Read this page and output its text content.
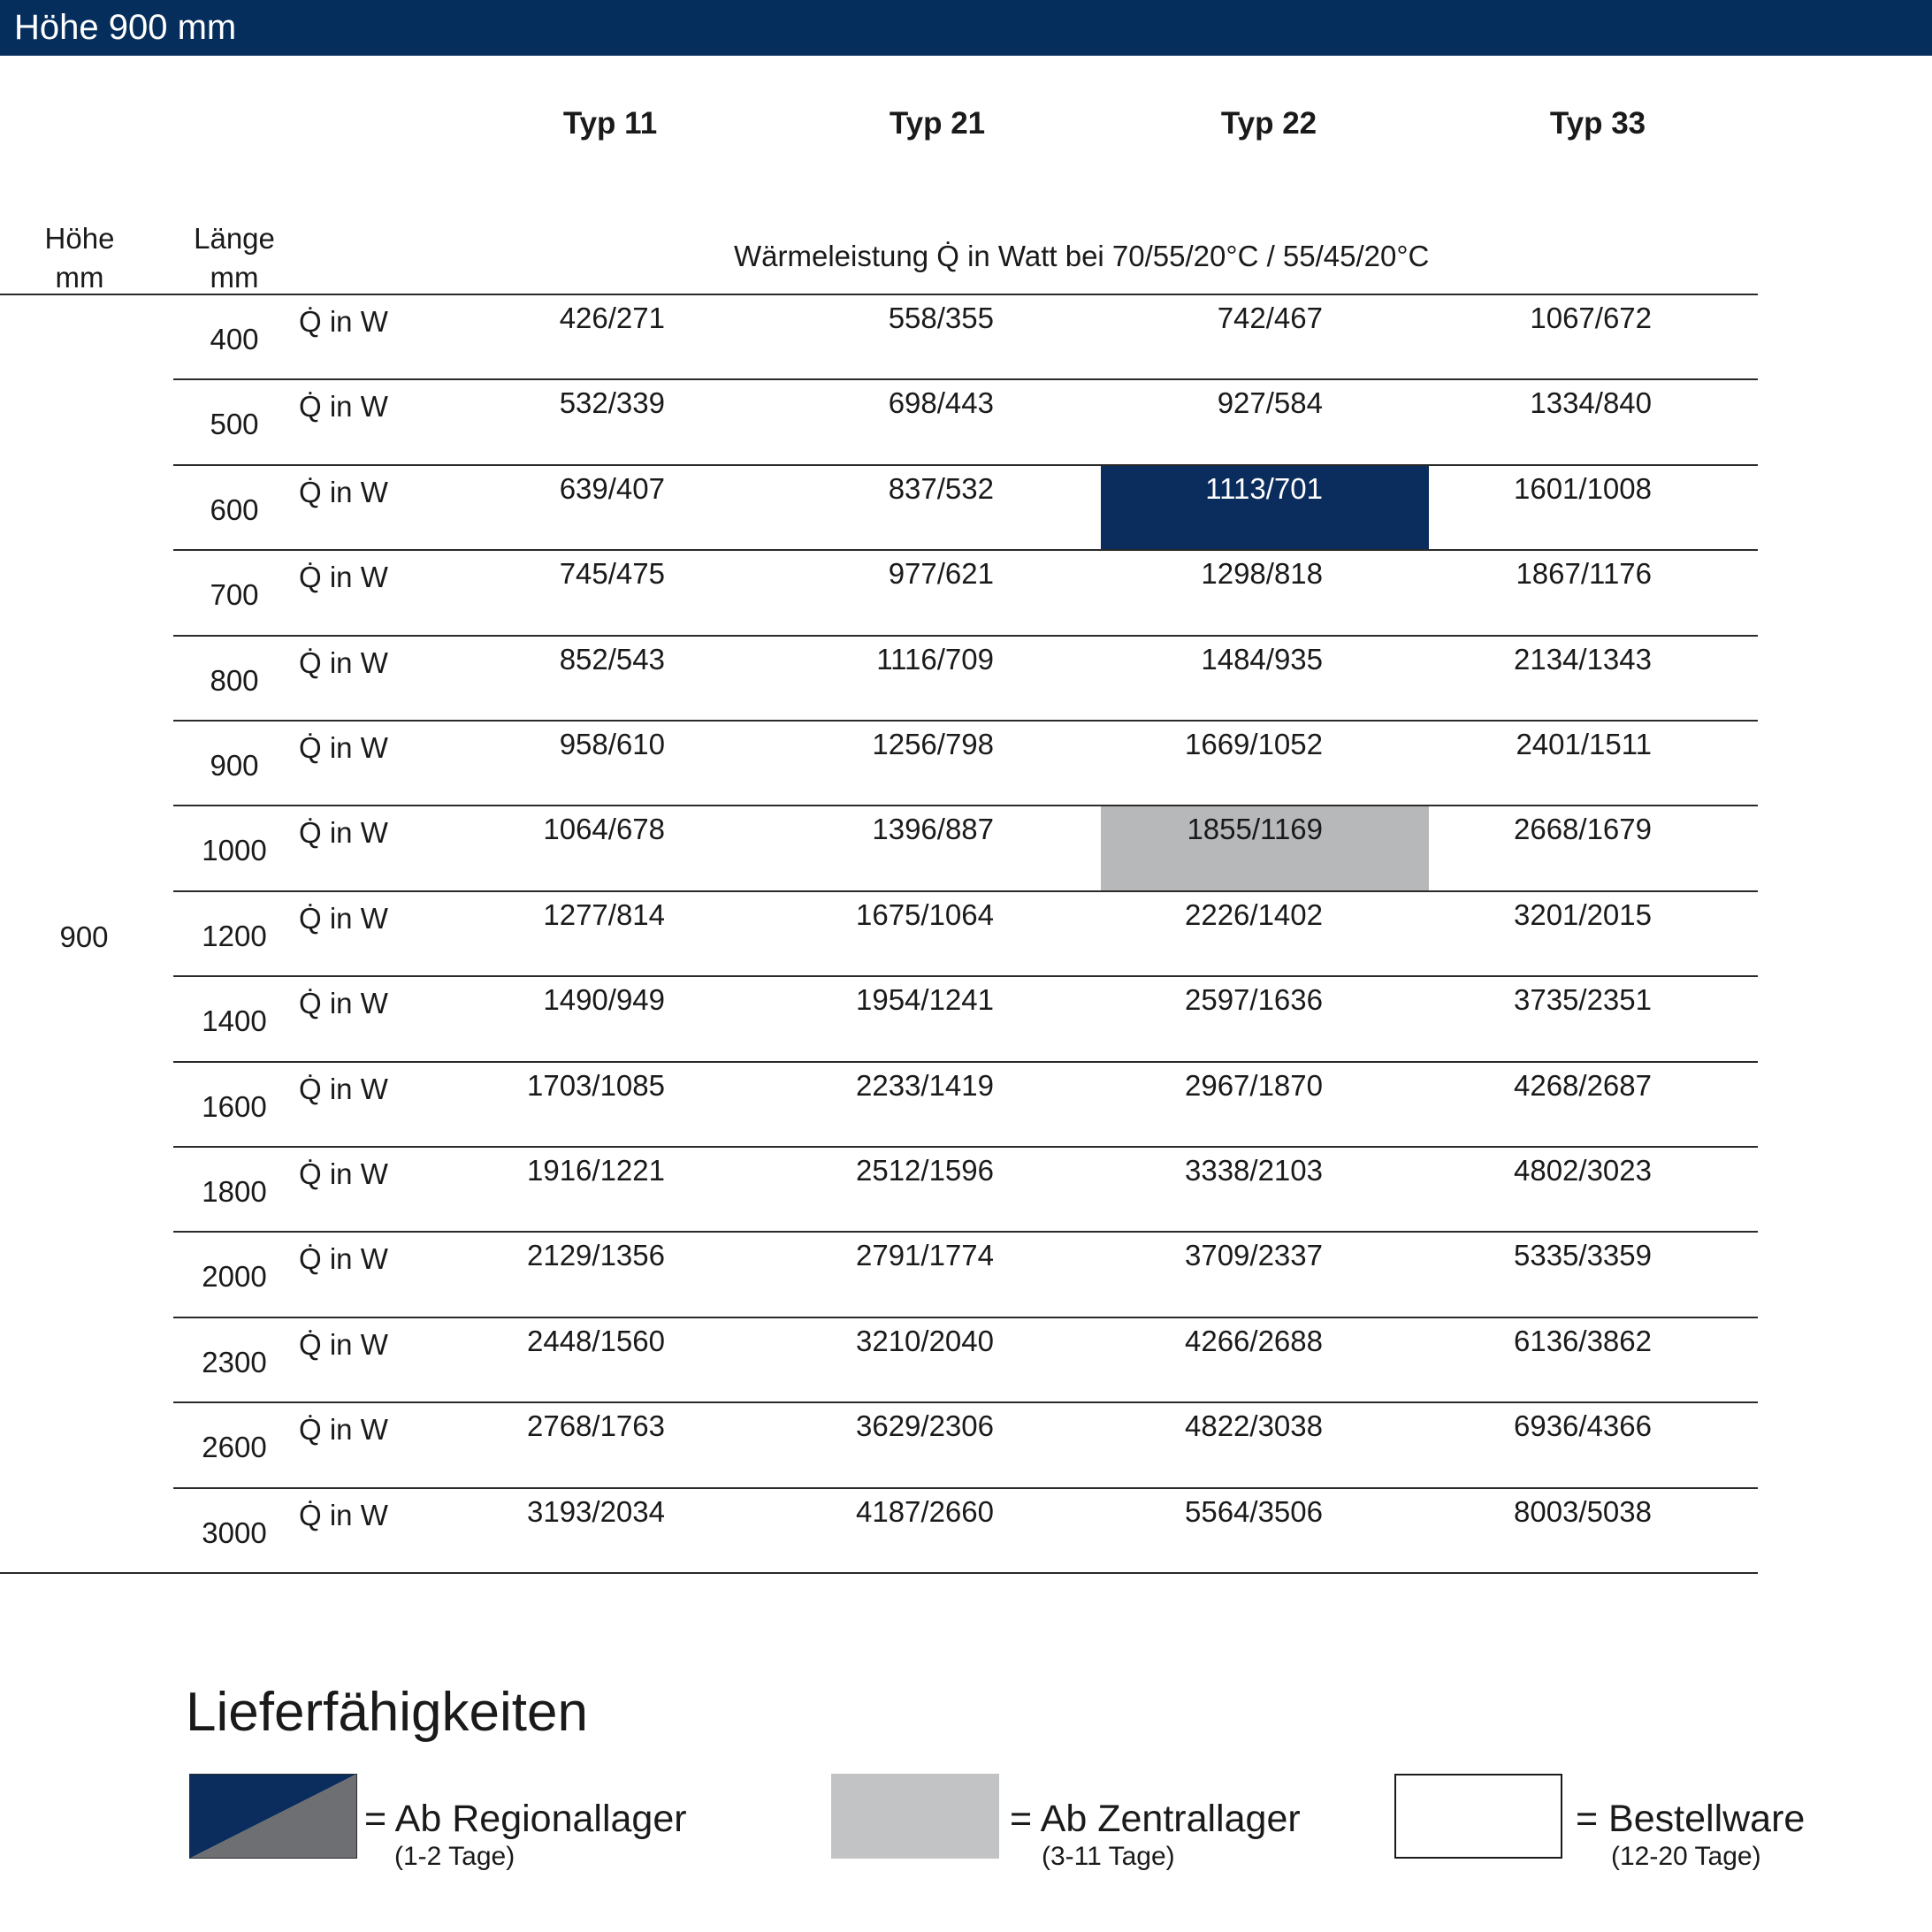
Höhe 900 mm
Typ 11	Typ 21	Typ 22	Typ 33
Höhe
mm
Länge
mm
Wärmeleistung Q̇ in Watt bei 70/55/20°C / 55/45/20°C
400
Q̇ in W	426/271	558/355	742/467	1067/672
500
Q̇ in W	532/339	698/443	927/584	1334/840
600
Q̇ in W	639/407	837/532	1113/701	1601/1008
700
Q̇ in W	745/475	977/621	1298/818	1867/1176
800
Q̇ in W	852/543	1116/709	1484/935	2134/1343
900
Q̇ in W	958/610	1256/798	1669/1052	2401/1511
1000
Q̇ in W	1064/678	1396/887	1855/1169	2668/1679
1200
Q̇ in W	1277/814	1675/1064	2226/1402	3201/2015
1400
Q̇ in W	1490/949	1954/1241	2597/1636	3735/2351
1600
Q̇ in W	1703/1085	2233/1419	2967/1870	4268/2687
1800
Q̇ in W	1916/1221	2512/1596	3338/2103	4802/3023
2000
Q̇ in W	2129/1356	2791/1774	3709/2337	5335/3359
2300
Q̇ in W	2448/1560	3210/2040	4266/2688	6136/3862
2600
Q̇ in W	2768/1763	3629/2306	4822/3038	6936/4366
3000
Q̇ in W	3193/2034	4187/2660	5564/3506	8003/5038
900
Lieferfähigkeiten
= Ab Regionallager
(1-2 Tage)
= Ab Zentrallager
(3-11 Tage)
= Bestellware
(12-20 Tage)
